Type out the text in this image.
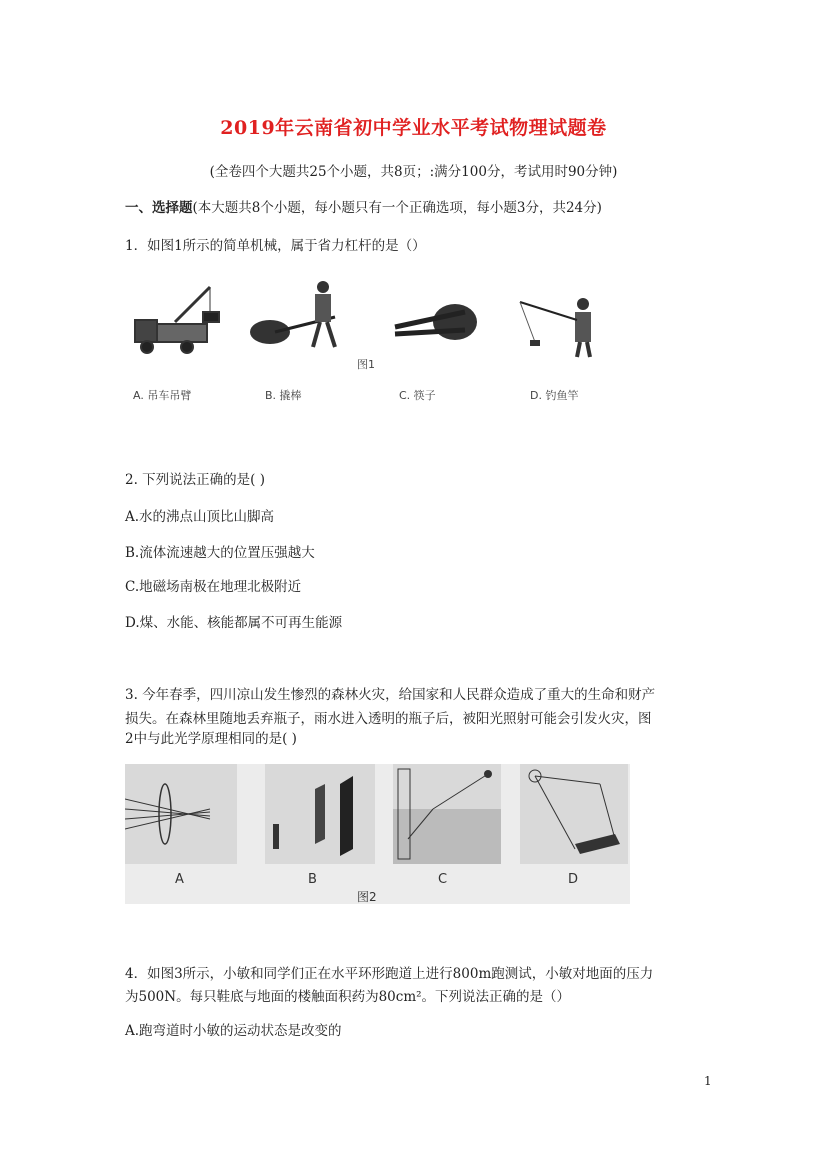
2019年云南省初中学业水平考试物理试题卷
(全卷四个大题共25个小题，共8页；:满分100分，考试用时90分钟)
一、选择题(本大题共8个小题，每小题只有一个正确选项，每小题3分，共24分)
1．如图1所示的简单机械，属于省力杠杆的是（）
图1
A. 吊车吊臂	B. 撬棒	C. 筷子	D. 钓鱼竿
2. 下列说法正确的是( )
A.水的沸点山顶比山脚高
B.流体流速越大的位置压强越大
C.地磁场南极在地理北极附近
D.煤、水能、核能都属不可再生能源
3. 今年春季，四川凉山发生惨烈的森林火灾，给国家和人民群众造成了重大的生命和财产
损失。在森林里随地丢弃瓶子，雨水进入透明的瓶子后，被阳光照射可能会引发火灾，图
2中与此光学原理相同的是( )
A	B	C	D
图2
4．如图3所示，小敏和同学们正在水平环形跑道上进行800m跑测试，小敏对地面的压力
为500N。每只鞋底与地面的楼触面积药为80cm²。下列说法正确的是（）
A.跑弯道时小敏的运动状态是改变的
1
